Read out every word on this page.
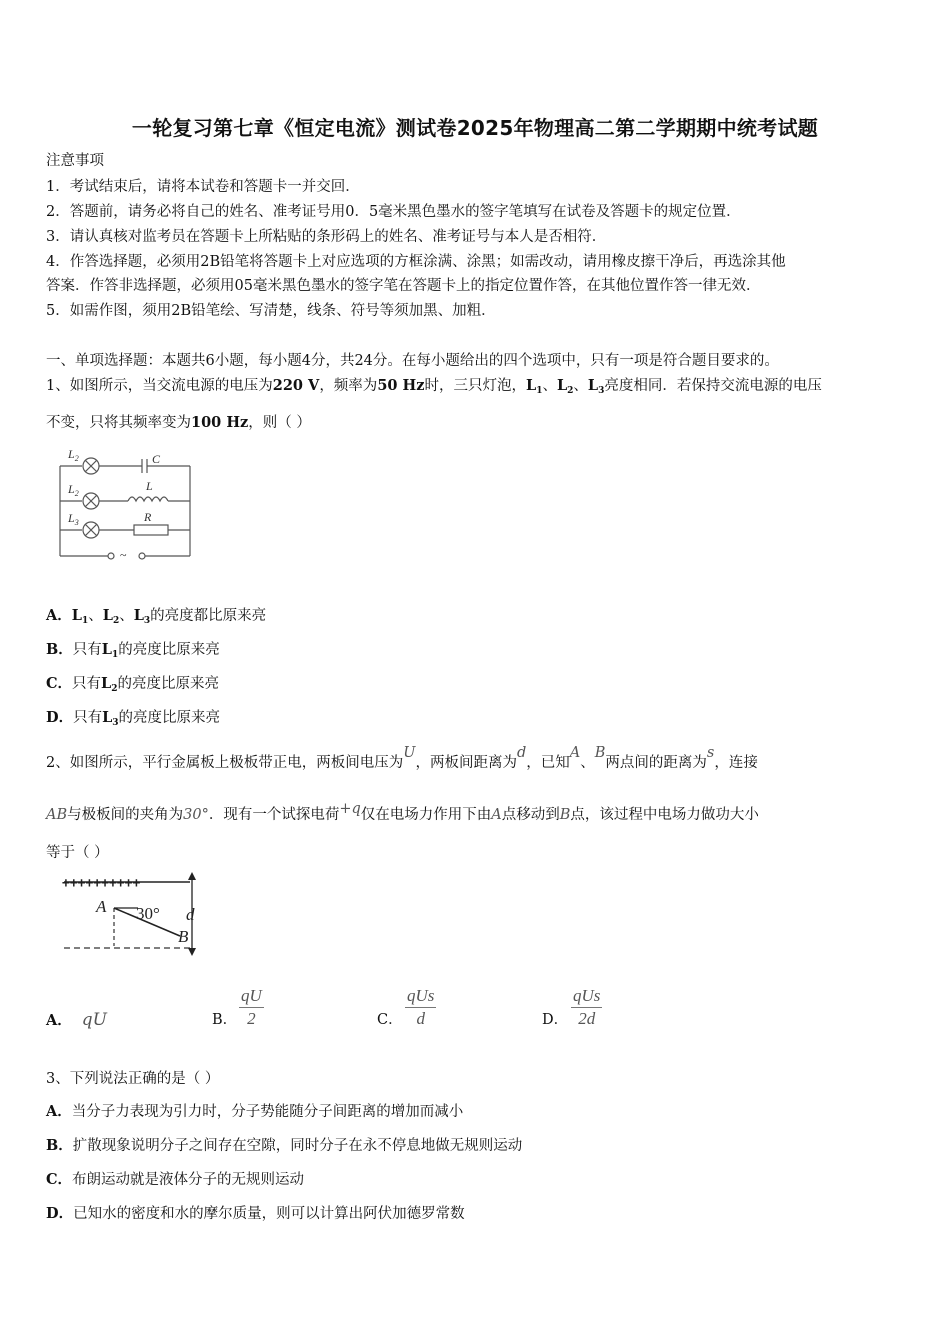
一轮复习第七章《恒定电流》测试卷2025年物理高二第二学期期中统考试题
注意事项
1．考试结束后，请将本试卷和答题卡一并交回．
2．答题前，请务必将自己的姓名、准考证号用0．5毫米黑色墨水的签字笔填写在试卷及答题卡的规定位置．
3．请认真核对监考员在答题卡上所粘贴的条形码上的姓名、准考证号与本人是否相符．
4．作答选择题，必须用2B铅笔将答题卡上对应选项的方框涂满、涂黑；如需改动，请用橡皮擦干净后，再选涂其他
答案．作答非选择题，必须用05毫米黑色墨水的签字笔在答题卡上的指定位置作答，在其他位置作答一律无效．
5．如需作图，须用2B铅笔绘、写清楚，线条、符号等须加黑、加粗．
一、单项选择题：本题共6小题，每小题4分，共24分。在每小题给出的四个选项中，只有一项是符合题目要求的。
1、如图所示，当交流电源的电压为220 V，频率为50 Hz时，三只灯泡，$L_1$、$L_2$、$L_3$亮度相同．若保持交流电源的电压
不变，只将其频率变为100 Hz，则（ ）
$L_2$	C
$L_2$
L
$L_3$	R
~
A．$L_1$、$L_2$、$L_3$的亮度都比原来亮
B．只有$L_1$的亮度比原来亮
C．只有$L_2$的亮度比原来亮
D．只有$L_3$的亮度比原来亮
2、如图所示，平行金属板上极板带正电，两板间电压为U，两板间距离为d，已知A、B两点间的距离为s，连接
AB与极板间的夹角为30°．现有一个试探电荷+q仅在电场力作用下由A点移动到B点，该过程中电场力做功大小
等于（ ）
++++++++++
A 30° d
B
A． qU	B． $\frac{qU}{2}$	C．
qUs
d	D．
qUs
2d
3、下列说法正确的是（ ）
A．当分子力表现为引力时，分子势能随分子间距离的增加而减小
B．扩散现象说明分子之间存在空隙，同时分子在永不停息地做无规则运动
C．布朗运动就是液体分子的无规则运动
D．已知水的密度和水的摩尔质量，则可以计算出阿伏加德罗常数
